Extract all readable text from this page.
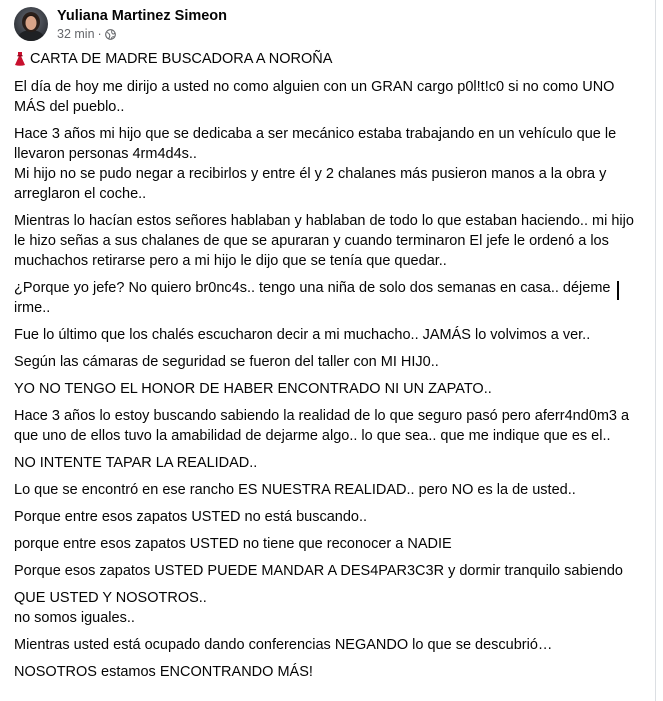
Yuliana Martinez Simeon
32 min ·
CARTA DE MADRE BUSCADORA A NOROÑA

El día de hoy me dirijo a usted no como alguien con un GRAN cargo p0l!t!c0 si no como UNO MÁS del pueblo..

Hace 3 años mi hijo que se dedicaba a ser mecánico estaba trabajando en un vehículo que le llevaron personas 4rm4d4s..
Mi hijo no se pudo negar a recibirlos y entre él y 2 chalanes más pusieron manos a la obra y arreglaron el coche..

Mientras lo hacían estos señores hablaban y hablaban de todo lo que estaban haciendo.. mi hijo le hizo señas a sus chalanes de que se apuraran y cuando terminaron El jefe le ordenó a los muchachos retirarse pero a mi hijo le dijo que se tenía que quedar..

¿Porque yo jefe? No quiero br0nc4s.. tengo una niña de solo dos semanas en casa.. déjeme irme..

Fue lo último que los chalés escucharon decir a mi muchacho.. JAMÁS lo volvimos a ver..

Según las cámaras de seguridad se fueron del taller con MI HIJ0..

YO NO TENGO EL HONOR DE HABER ENCONTRADO NI UN ZAPATO..

Hace 3 años lo estoy buscando sabiendo la realidad de lo que seguro pasó pero aferr4nd0m3 a que uno de ellos tuvo la amabilidad de dejarme algo.. lo que sea.. que me indique que es el..

NO INTENTE TAPAR LA REALIDAD..

Lo que se encontró en ese rancho ES NUESTRA REALIDAD.. pero NO es la de usted..

Porque entre esos zapatos USTED no está buscando..

porque entre esos zapatos USTED no tiene que reconocer a NADIE

Porque esos zapatos USTED PUEDE MANDAR A DES4PAR3C3R y dormir tranquilo sabiendo

QUE USTED Y NOSOTROS..
no somos iguales..

Mientras usted está ocupado dando conferencias NEGANDO lo que se descubrió…

NOSOTROS estamos ENCONTRANDO MÁS!
